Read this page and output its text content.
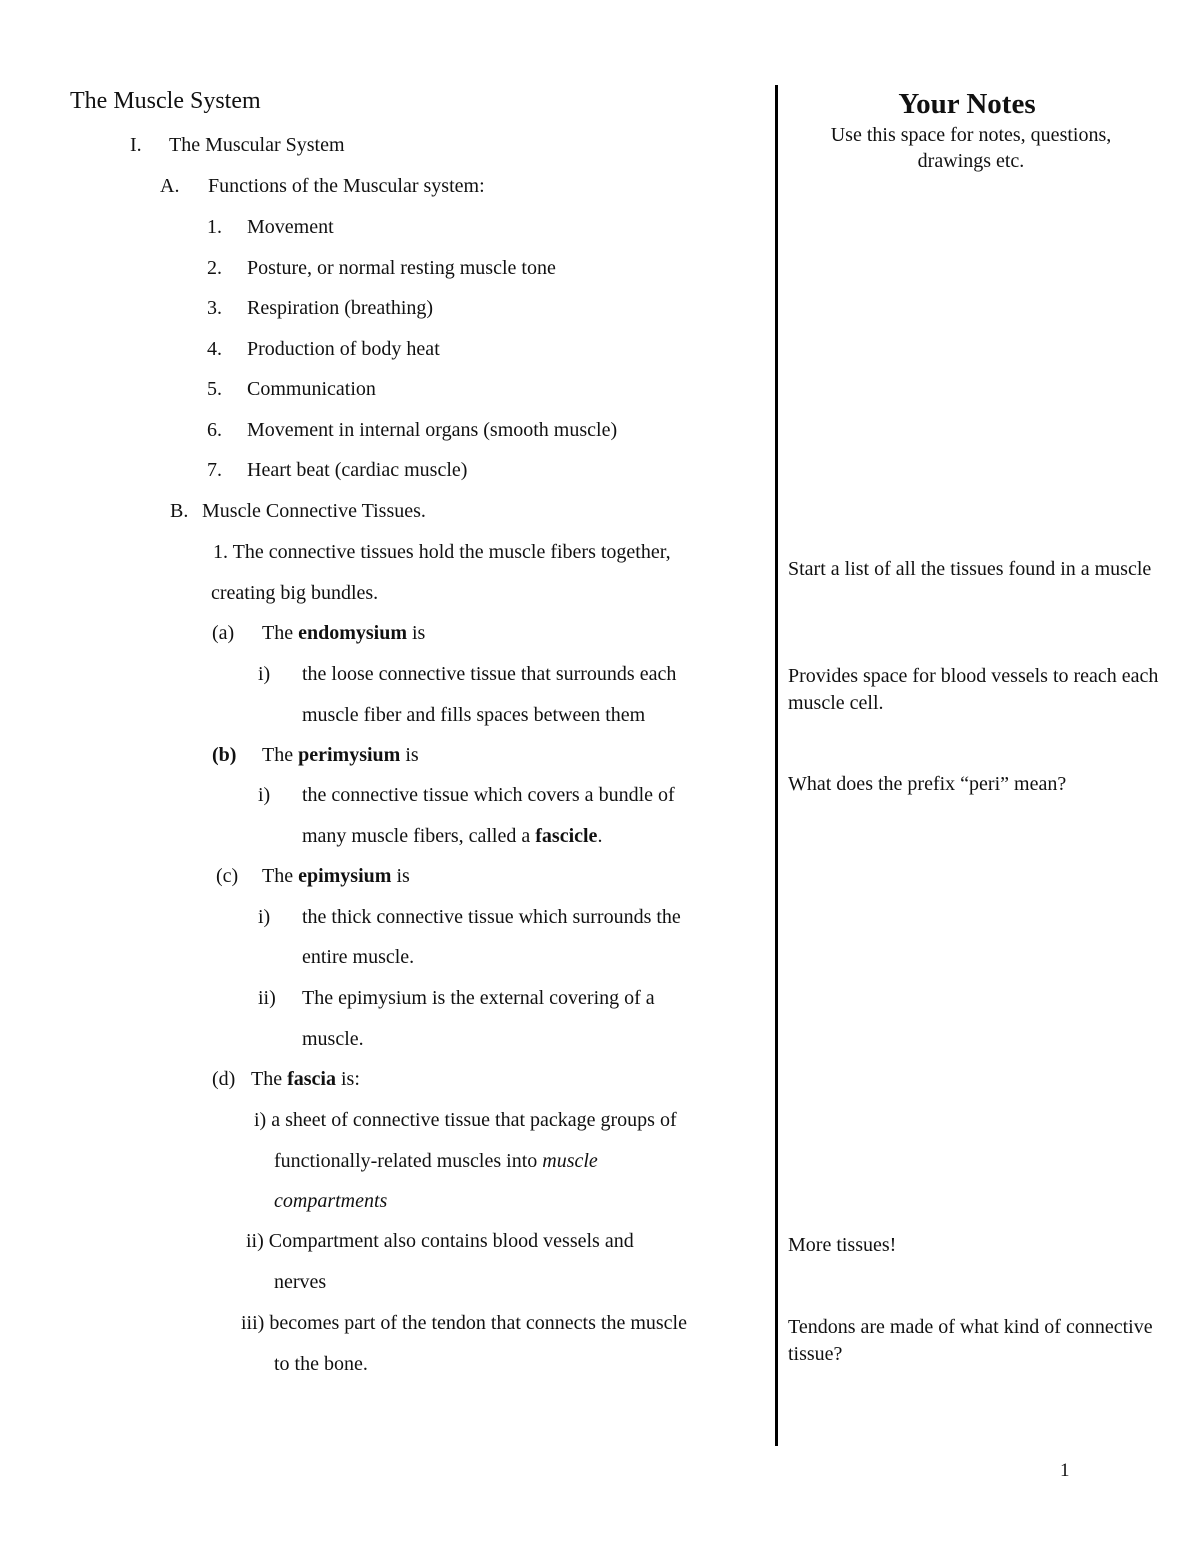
The Muscle System
I. The Muscular System
A. Functions of the Muscular system:
1. Movement
2. Posture, or normal resting muscle tone
3. Respiration (breathing)
4. Production of body heat
5. Communication
6. Movement in internal organs (smooth muscle)
7. Heart beat (cardiac muscle)
B. Muscle Connective Tissues.
1. The connective tissues hold the muscle fibers together,
creating big bundles.
(a) The endomysium is
i) the loose connective tissue that surrounds each
muscle fiber and fills spaces between them
(b) The perimysium is
i) the connective tissue which covers a bundle of
many muscle fibers, called a fascicle.
(c) The epimysium is
i) the thick connective tissue which surrounds the
entire muscle.
ii) The epimysium is the external covering of a
muscle.
(d) The fascia is:
i) a sheet of connective tissue that package groups of
functionally-related muscles into muscle
compartments
ii) Compartment also contains blood vessels and
nerves
iii) becomes part of the tendon that connects the muscle
to the bone.
Your Notes
Use this space for notes, questions,
drawings etc.
Start a list of all the tissues found in a muscle
Provides space for blood vessels to reach each muscle cell.
What does the prefix “peri” mean?
More tissues!
Tendons are made of what kind of connective tissue?
1
